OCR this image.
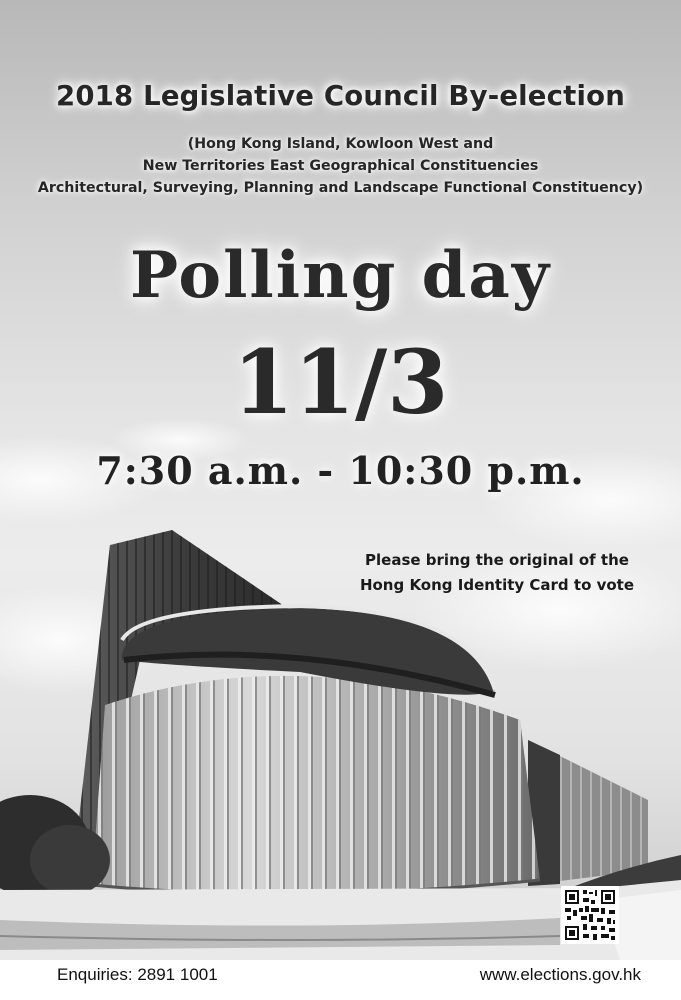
2018 Legislative Council By-election
(Hong Kong Island, Kowloon West and
New Territories East Geographical Constituencies
Architectural, Surveying, Planning and Landscape Functional Constituency)
Polling day
11/3
7:30 a.m. - 10:30 p.m.
Please bring the original of the
Hong Kong Identity Card to vote
Enquiries: 2891 1001	www.elections.gov.hk
